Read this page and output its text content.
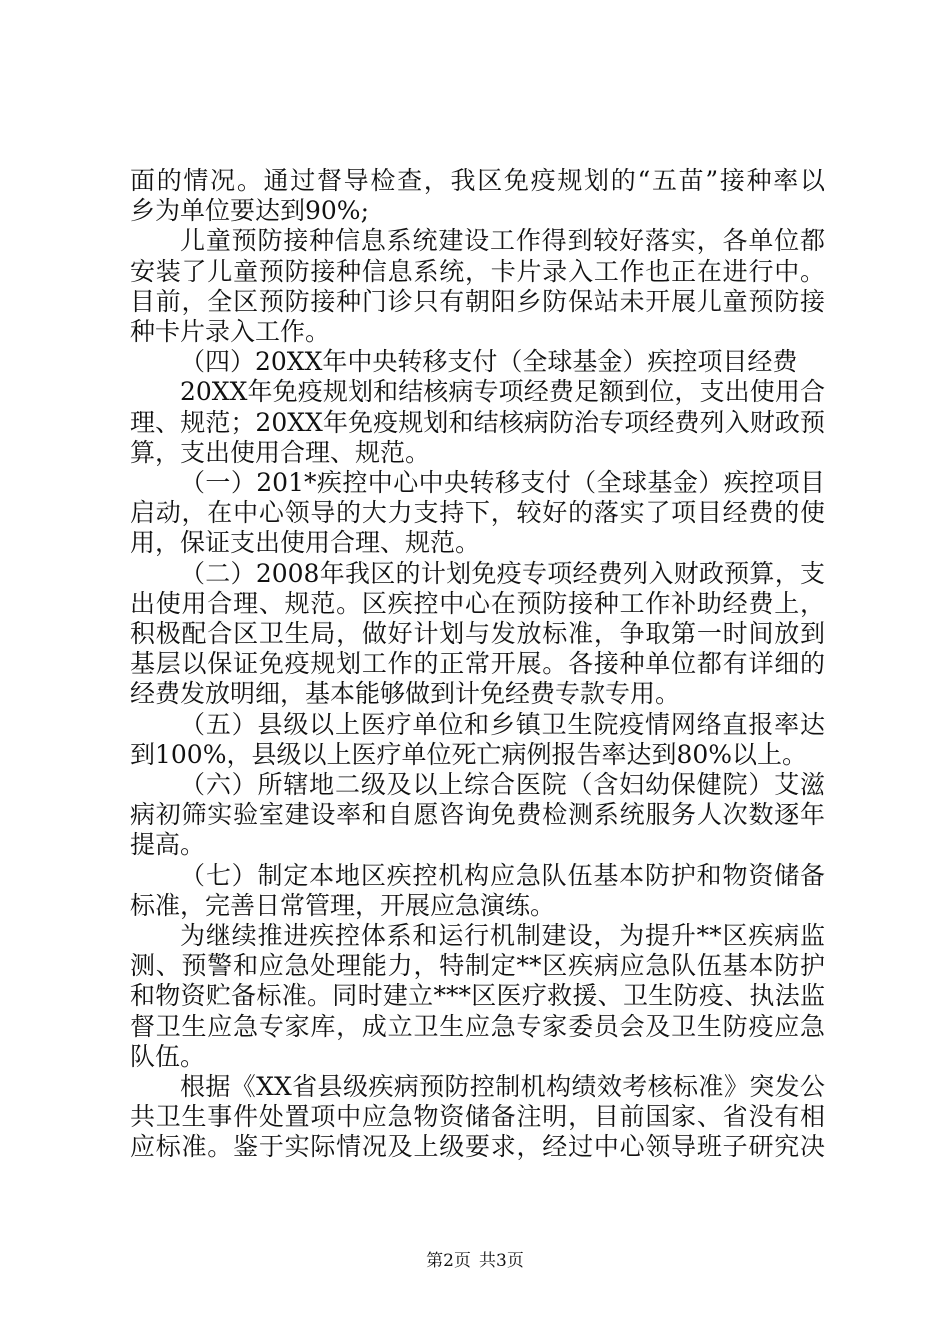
面的情况。通过督导检查，我区免疫规划的“五苗”接种率以
乡为单位要达到90%;
儿童预防接种信息系统建设工作得到较好落实，各单位都
安装了儿童预防接种信息系统，卡片录入工作也正在进行中。
目前，全区预防接种门诊只有朝阳乡防保站未开展儿童预防接
种卡片录入工作。
（四）20XX年中央转移支付（全球基金）疾控项目经费
20XX年免疫规划和结核病专项经费足额到位，支出使用合
理、规范；20XX年免疫规划和结核病防治专项经费列入财政预
算，支出使用合理、规范。
（一）201*疾控中心中央转移支付（全球基金）疾控项目
启动，在中心领导的大力支持下，较好的落实了项目经费的使
用，保证支出使用合理、规范。
（二）2008年我区的计划免疫专项经费列入财政预算，支
出使用合理、规范。区疾控中心在预防接种工作补助经费上，
积极配合区卫生局，做好计划与发放标准，争取第一时间放到
基层以保证免疫规划工作的正常开展。各接种单位都有详细的
经费发放明细，基本能够做到计免经费专款专用。
（五）县级以上医疗单位和乡镇卫生院疫情网络直报率达
到100%，县级以上医疗单位死亡病例报告率达到80%以上。
（六）所辖地二级及以上综合医院（含妇幼保健院）艾滋
病初筛实验室建设率和自愿咨询免费检测系统服务人次数逐年
提高。
（七）制定本地区疾控机构应急队伍基本防护和物资储备
标准，完善日常管理，开展应急演练。
为继续推进疾控体系和运行机制建设，为提升**区疾病监
测、预警和应急处理能力，特制定**区疾病应急队伍基本防护
和物资贮备标准。同时建立***区医疗救援、卫生防疫、执法监
督卫生应急专家库，成立卫生应急专家委员会及卫生防疫应急
队伍。
根据《XX省县级疾病预防控制机构绩效考核标准》突发公
共卫生事件处置项中应急物资储备注明，目前国家、省没有相
应标准。鉴于实际情况及上级要求，经过中心领导班子研究决
第2页 共3页
